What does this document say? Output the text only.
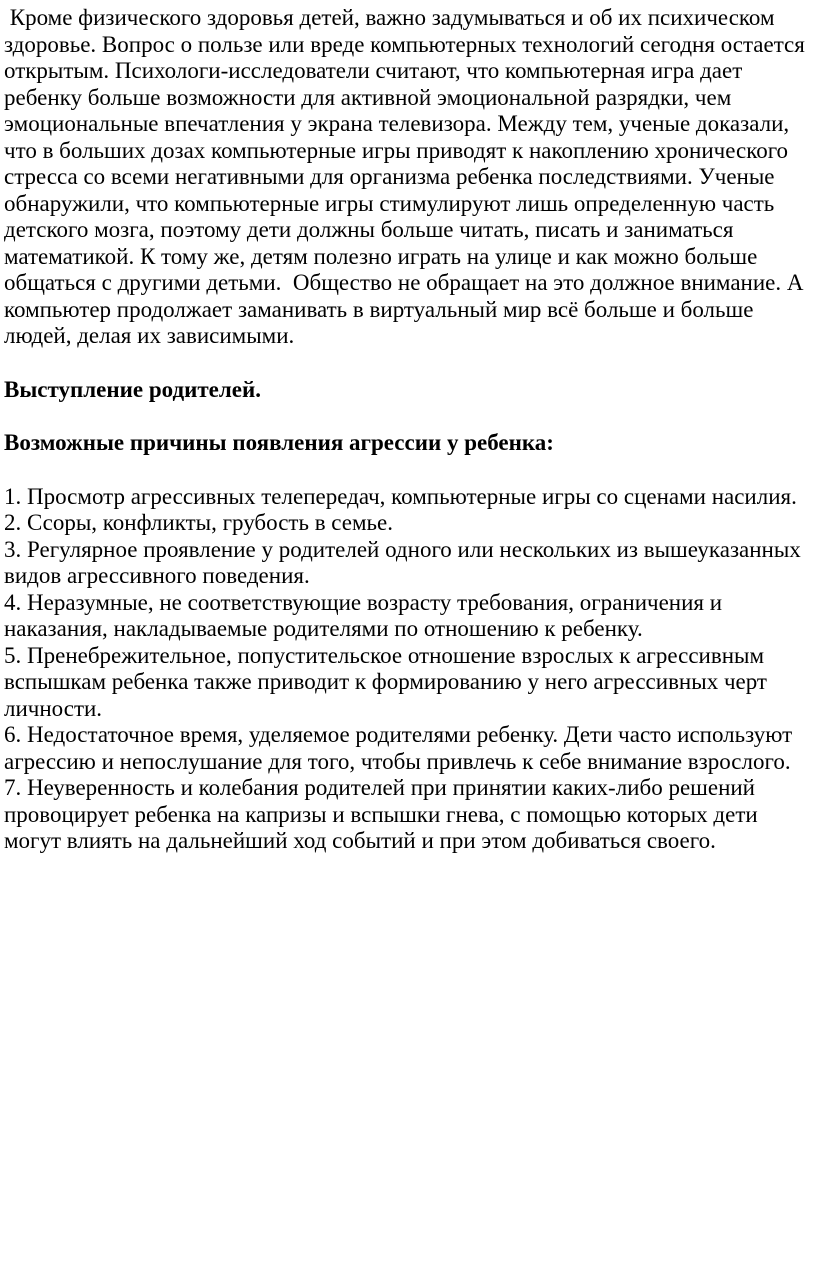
Кроме физического здоровья детей, важно задумываться и об их психическом здоровье. Вопрос о пользе или вреде компьютерных технологий сегодня остается открытым. Психологи-исследователи считают, что компьютерная игра дает ребенку больше возможности для активной эмоциональной разрядки, чем эмоциональные впечатления у экрана телевизора. Между тем, ученые доказали, что в больших дозах компьютерные игры приводят к накоплению хронического стресса со всеми негативными для организма ребенка последствиями. Ученые обнаружили, что компьютерные игры стимулируют лишь определенную часть детского мозга, поэтому дети должны больше читать, писать и заниматься математикой. К тому же, детям полезно играть на улице и как можно больше общаться с другими детьми.  Общество не обращает на это должное внимание. А компьютер продолжает заманивать в виртуальный мир всё больше и больше людей, делая их зависимыми.

Выступление родителей.

Возможные причины появления агрессии у ребенка:

1. Просмотр агрессивных телепередач, компьютерные игры со сценами насилия.
2. Ссоры, конфликты, грубость в семье.
3. Регулярное проявление у родителей одного или нескольких из вышеуказанных видов агрессивного поведения.
4. Неразумные, не соответствующие возрасту требования, ограничения и наказания, накладываемые родителями по отношению к ребенку.
5. Пренебрежительное, попустительское отношение взрослых к агрессивным вспышкам ребенка также приводит к формированию у него агрессивных черт личности.
6. Недостаточное время, уделяемое родителями ребенку. Дети часто используют агрессию и непослушание для того, чтобы привлечь к себе внимание взрослого.
7. Неуверенность и колебания родителей при принятии каких-либо решений провоцирует ребенка на капризы и вспышки гнева, с помощью которых дети могут влиять на дальнейший ход событий и при этом добиваться своего.
